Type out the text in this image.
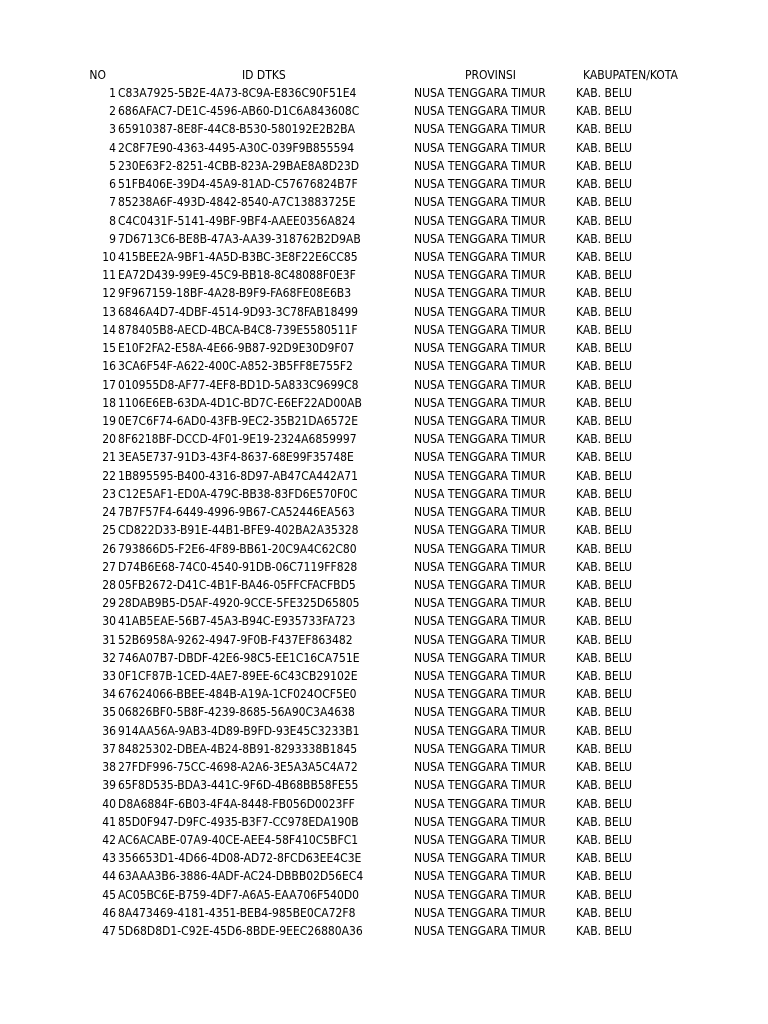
NO	ID DTKS	PROVINSI	KABUPATEN/KOTA
1 C83A7925-5B2E-4A73-8C9A-E836C90F51E4	NUSA TENGGARA TIMUR	KAB. BELU
2 686AFAC7-DE1C-4596-AB60-D1C6A843608C	NUSA TENGGARA TIMUR	KAB. BELU
3 65910387-8E8F-44C8-B530-580192E2B2BA	NUSA TENGGARA TIMUR	KAB. BELU
4 2C8F7E90-4363-4495-A30C-039F9B855594	NUSA TENGGARA TIMUR	KAB. BELU
5 230E63F2-8251-4CBB-823A-29BAE8A8D23D	NUSA TENGGARA TIMUR	KAB. BELU
6 51FB406E-39D4-45A9-81AD-C57676824B7F	NUSA TENGGARA TIMUR	KAB. BELU
7 85238A6F-493D-4842-8540-A7C13883725E	NUSA TENGGARA TIMUR	KAB. BELU
8 C4C0431F-5141-49BF-9BF4-AAEE0356A824	NUSA TENGGARA TIMUR	KAB. BELU
9 7D6713C6-BE8B-47A3-AA39-318762B2D9AB	NUSA TENGGARA TIMUR	KAB. BELU
10 415BEE2A-9BF1-4A5D-B3BC-3E8F22E6CC85	NUSA TENGGARA TIMUR	KAB. BELU
11 EA72D439-99E9-45C9-BB18-8C48088F0E3F	NUSA TENGGARA TIMUR	KAB. BELU
12 9F967159-18BF-4A28-B9F9-FA68FE08E6B3	NUSA TENGGARA TIMUR	KAB. BELU
13 6846A4D7-4DBF-4514-9D93-3C78FAB18499	NUSA TENGGARA TIMUR	KAB. BELU
14 878405B8-AECD-4BCA-B4C8-739E5580511F	NUSA TENGGARA TIMUR	KAB. BELU
15 E10F2FA2-E58A-4E66-9B87-92D9E30D9F07	NUSA TENGGARA TIMUR	KAB. BELU
16 3CA6F54F-A622-400C-A852-3B5FF8E755F2	NUSA TENGGARA TIMUR	KAB. BELU
17 010955D8-AF77-4EF8-BD1D-5A833C9699C8	NUSA TENGGARA TIMUR	KAB. BELU
18 1106E6EB-63DA-4D1C-BD7C-E6EF22AD00AB	NUSA TENGGARA TIMUR	KAB. BELU
19 0E7C6F74-6AD0-43FB-9EC2-35B21DA6572E	NUSA TENGGARA TIMUR	KAB. BELU
20 8F6218BF-DCCD-4F01-9E19-2324A6859997	NUSA TENGGARA TIMUR	KAB. BELU
21 3EA5E737-91D3-43F4-8637-68E99F35748E	NUSA TENGGARA TIMUR	KAB. BELU
22 1B895595-B400-4316-8D97-AB47CA442A71	NUSA TENGGARA TIMUR	KAB. BELU
23 C12E5AF1-ED0A-479C-BB38-83FD6E570F0C	NUSA TENGGARA TIMUR	KAB. BELU
24 7B7F57F4-6449-4996-9B67-CA52446EA563	NUSA TENGGARA TIMUR	KAB. BELU
25 CD822D33-B91E-44B1-BFE9-402BA2A35328	NUSA TENGGARA TIMUR	KAB. BELU
26 793866D5-F2E6-4F89-BB61-20C9A4C62C80	NUSA TENGGARA TIMUR	KAB. BELU
27 D74B6E68-74C0-4540-91DB-06C7119FF828	NUSA TENGGARA TIMUR	KAB. BELU
28 05FB2672-D41C-4B1F-BA46-05FFCFACFBD5	NUSA TENGGARA TIMUR	KAB. BELU
29 28DAB9B5-D5AF-4920-9CCE-5FE325D65805	NUSA TENGGARA TIMUR	KAB. BELU
30 41AB5EAE-56B7-45A3-B94C-E935733FA723	NUSA TENGGARA TIMUR	KAB. BELU
31 52B6958A-9262-4947-9F0B-F437EF863482	NUSA TENGGARA TIMUR	KAB. BELU
32 746A07B7-DBDF-42E6-98C5-EE1C16CA751E	NUSA TENGGARA TIMUR	KAB. BELU
33 0F1CF87B-1CED-4AE7-89EE-6C43CB29102E	NUSA TENGGARA TIMUR	KAB. BELU
34 67624066-BBEE-484B-A19A-1CF024OCF5E0	NUSA TENGGARA TIMUR	KAB. BELU
35 06826BF0-5B8F-4239-8685-56A90C3A4638	NUSA TENGGARA TIMUR	KAB. BELU
36 914AA56A-9AB3-4D89-B9FD-93E45C3233B1	NUSA TENGGARA TIMUR	KAB. BELU
37 84825302-DBEA-4B24-8B91-8293338B1845	NUSA TENGGARA TIMUR	KAB. BELU
38 27FDF996-75CC-4698-A2A6-3E5A3A5C4A72	NUSA TENGGARA TIMUR	KAB. BELU
39 65F8D535-BDA3-441C-9F6D-4B68BB58FE55	NUSA TENGGARA TIMUR	KAB. BELU
40 D8A6884F-6B03-4F4A-8448-FB056D0023FF	NUSA TENGGARA TIMUR	KAB. BELU
41 85D0F947-D9FC-4935-B3F7-CC978EDA190B	NUSA TENGGARA TIMUR	KAB. BELU
42 AC6ACABE-07A9-40CE-AEE4-58F410C5BFC1	NUSA TENGGARA TIMUR	KAB. BELU
43 356653D1-4D66-4D08-AD72-8FCD63EE4C3E	NUSA TENGGARA TIMUR	KAB. BELU
44 63AAA3B6-3886-4ADF-AC24-DBBB02D56EC4	NUSA TENGGARA TIMUR	KAB. BELU
45 AC05BC6E-B759-4DF7-A6A5-EAA706F540D0	NUSA TENGGARA TIMUR	KAB. BELU
46 8A473469-4181-4351-BEB4-985BE0CA72F8	NUSA TENGGARA TIMUR	KAB. BELU
47 5D68D8D1-C92E-45D6-8BDE-9EEC26880A36	NUSA TENGGARA TIMUR	KAB. BELU
